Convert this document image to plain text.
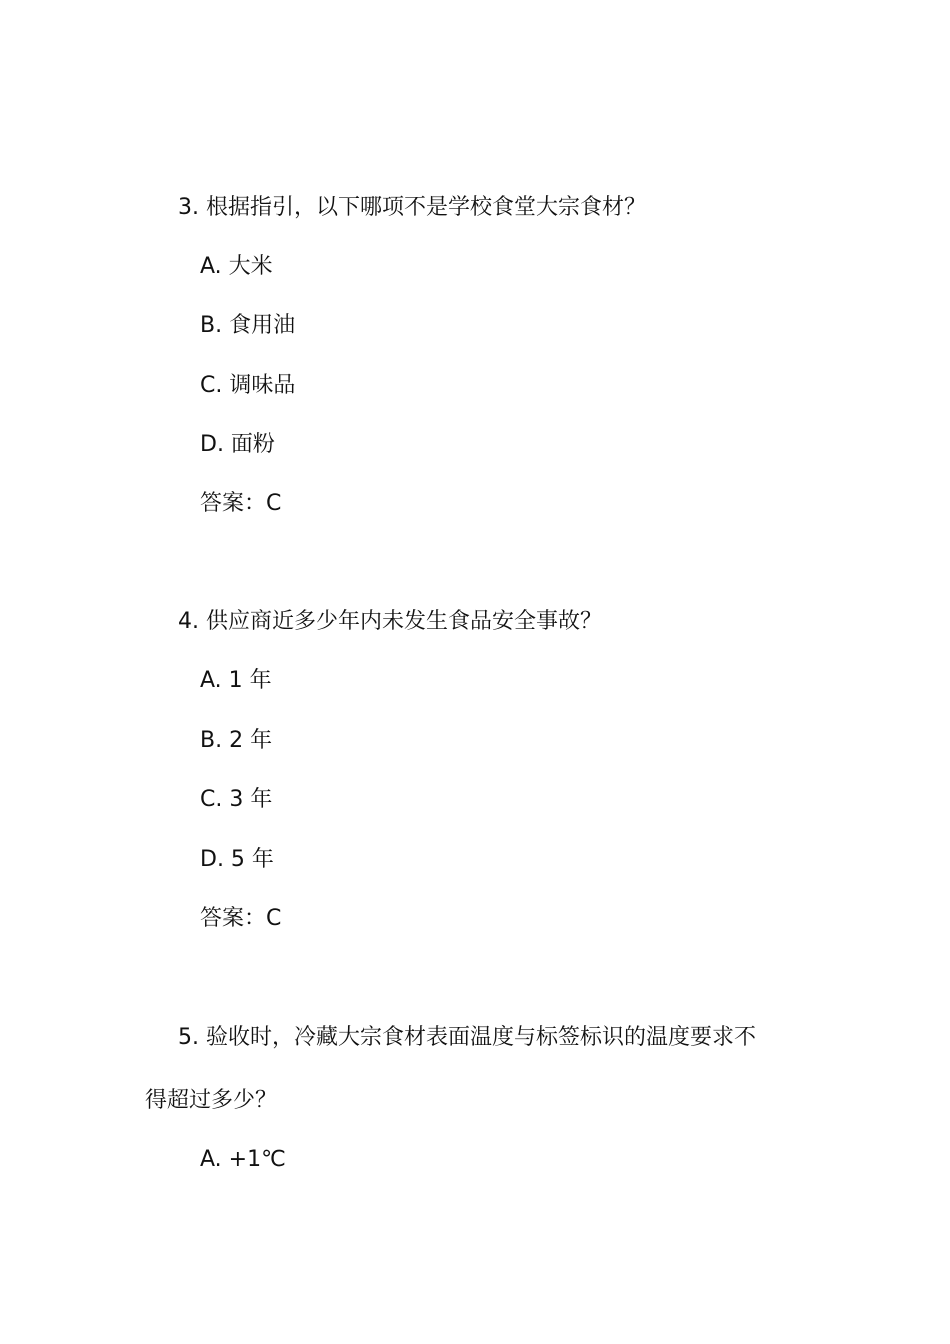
3. 根据指引，以下哪项不是学校食堂大宗食材？

A. 大米

B. 食用油

C. 调味品

D. 面粉

答案：C

4. 供应商近多少年内未发生食品安全事故？

A. 1 年

B. 2 年

C. 3 年

D. 5 年

答案：C

5. 验收时，冷藏大宗食材表面温度与标签标识的温度要求不

得超过多少？

A. +1℃
